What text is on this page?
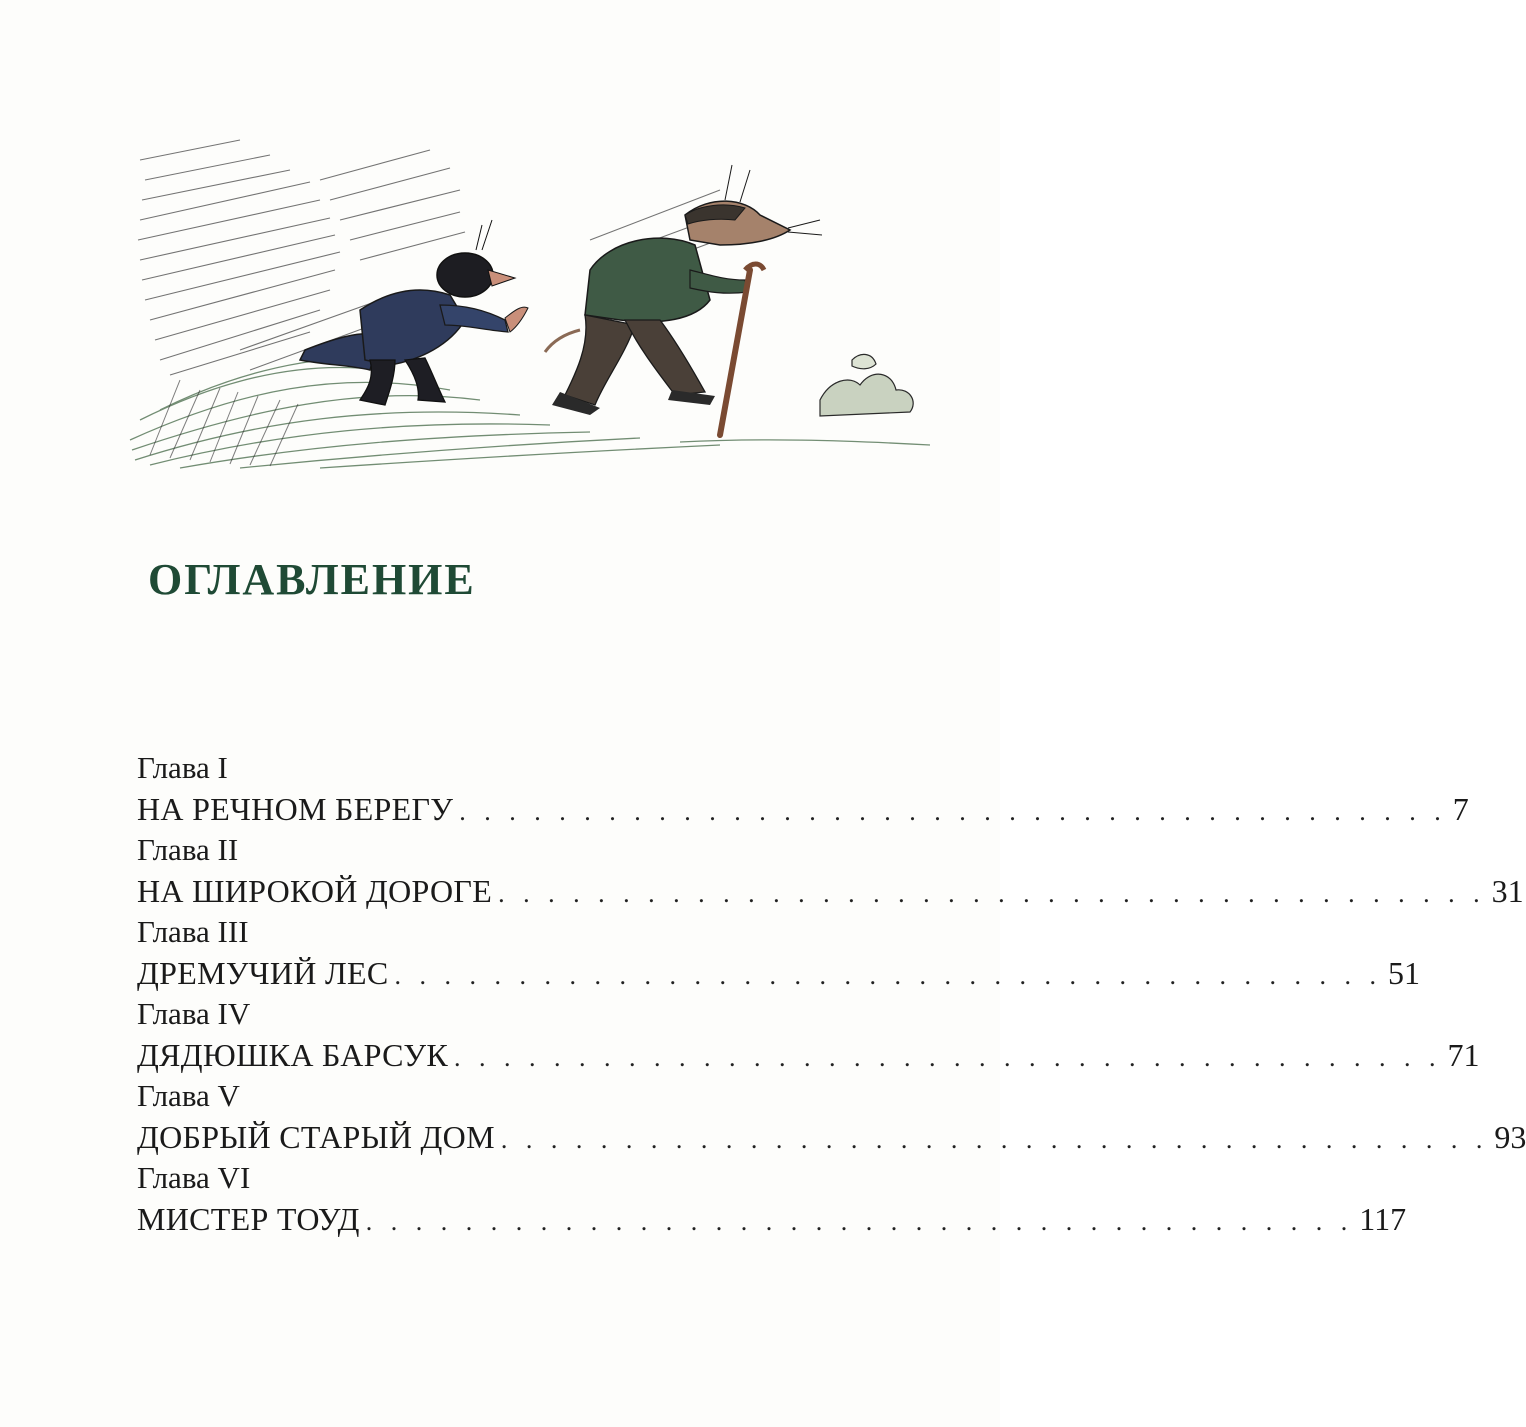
ОГЛАВЛЕНИЕ
Глава I
НА РЕЧНОМ БЕРЕГУ . . . . . . . . . . . . . . . . . . . . . . . . . . . . . . . . . . . . . . . . 7
Глава II
НА ШИРОКОЙ ДОРОГЕ . . . . . . . . . . . . . . . . . . . . . . . . . . . . . . . . . . . . . . . . 31
Глава III
ДРЕМУЧИЙ ЛЕС . . . . . . . . . . . . . . . . . . . . . . . . . . . . . . . . . . . . . . . . 51
Глава IV
ДЯДЮШКА БАРСУК . . . . . . . . . . . . . . . . . . . . . . . . . . . . . . . . . . . . . . . . 71
Глава V
ДОБРЫЙ СТАРЫЙ ДОМ . . . . . . . . . . . . . . . . . . . . . . . . . . . . . . . . . . . . . . . . 93
Глава VI
МИСТЕР ТОУД . . . . . . . . . . . . . . . . . . . . . . . . . . . . . . . . . . . . . . . . 117
